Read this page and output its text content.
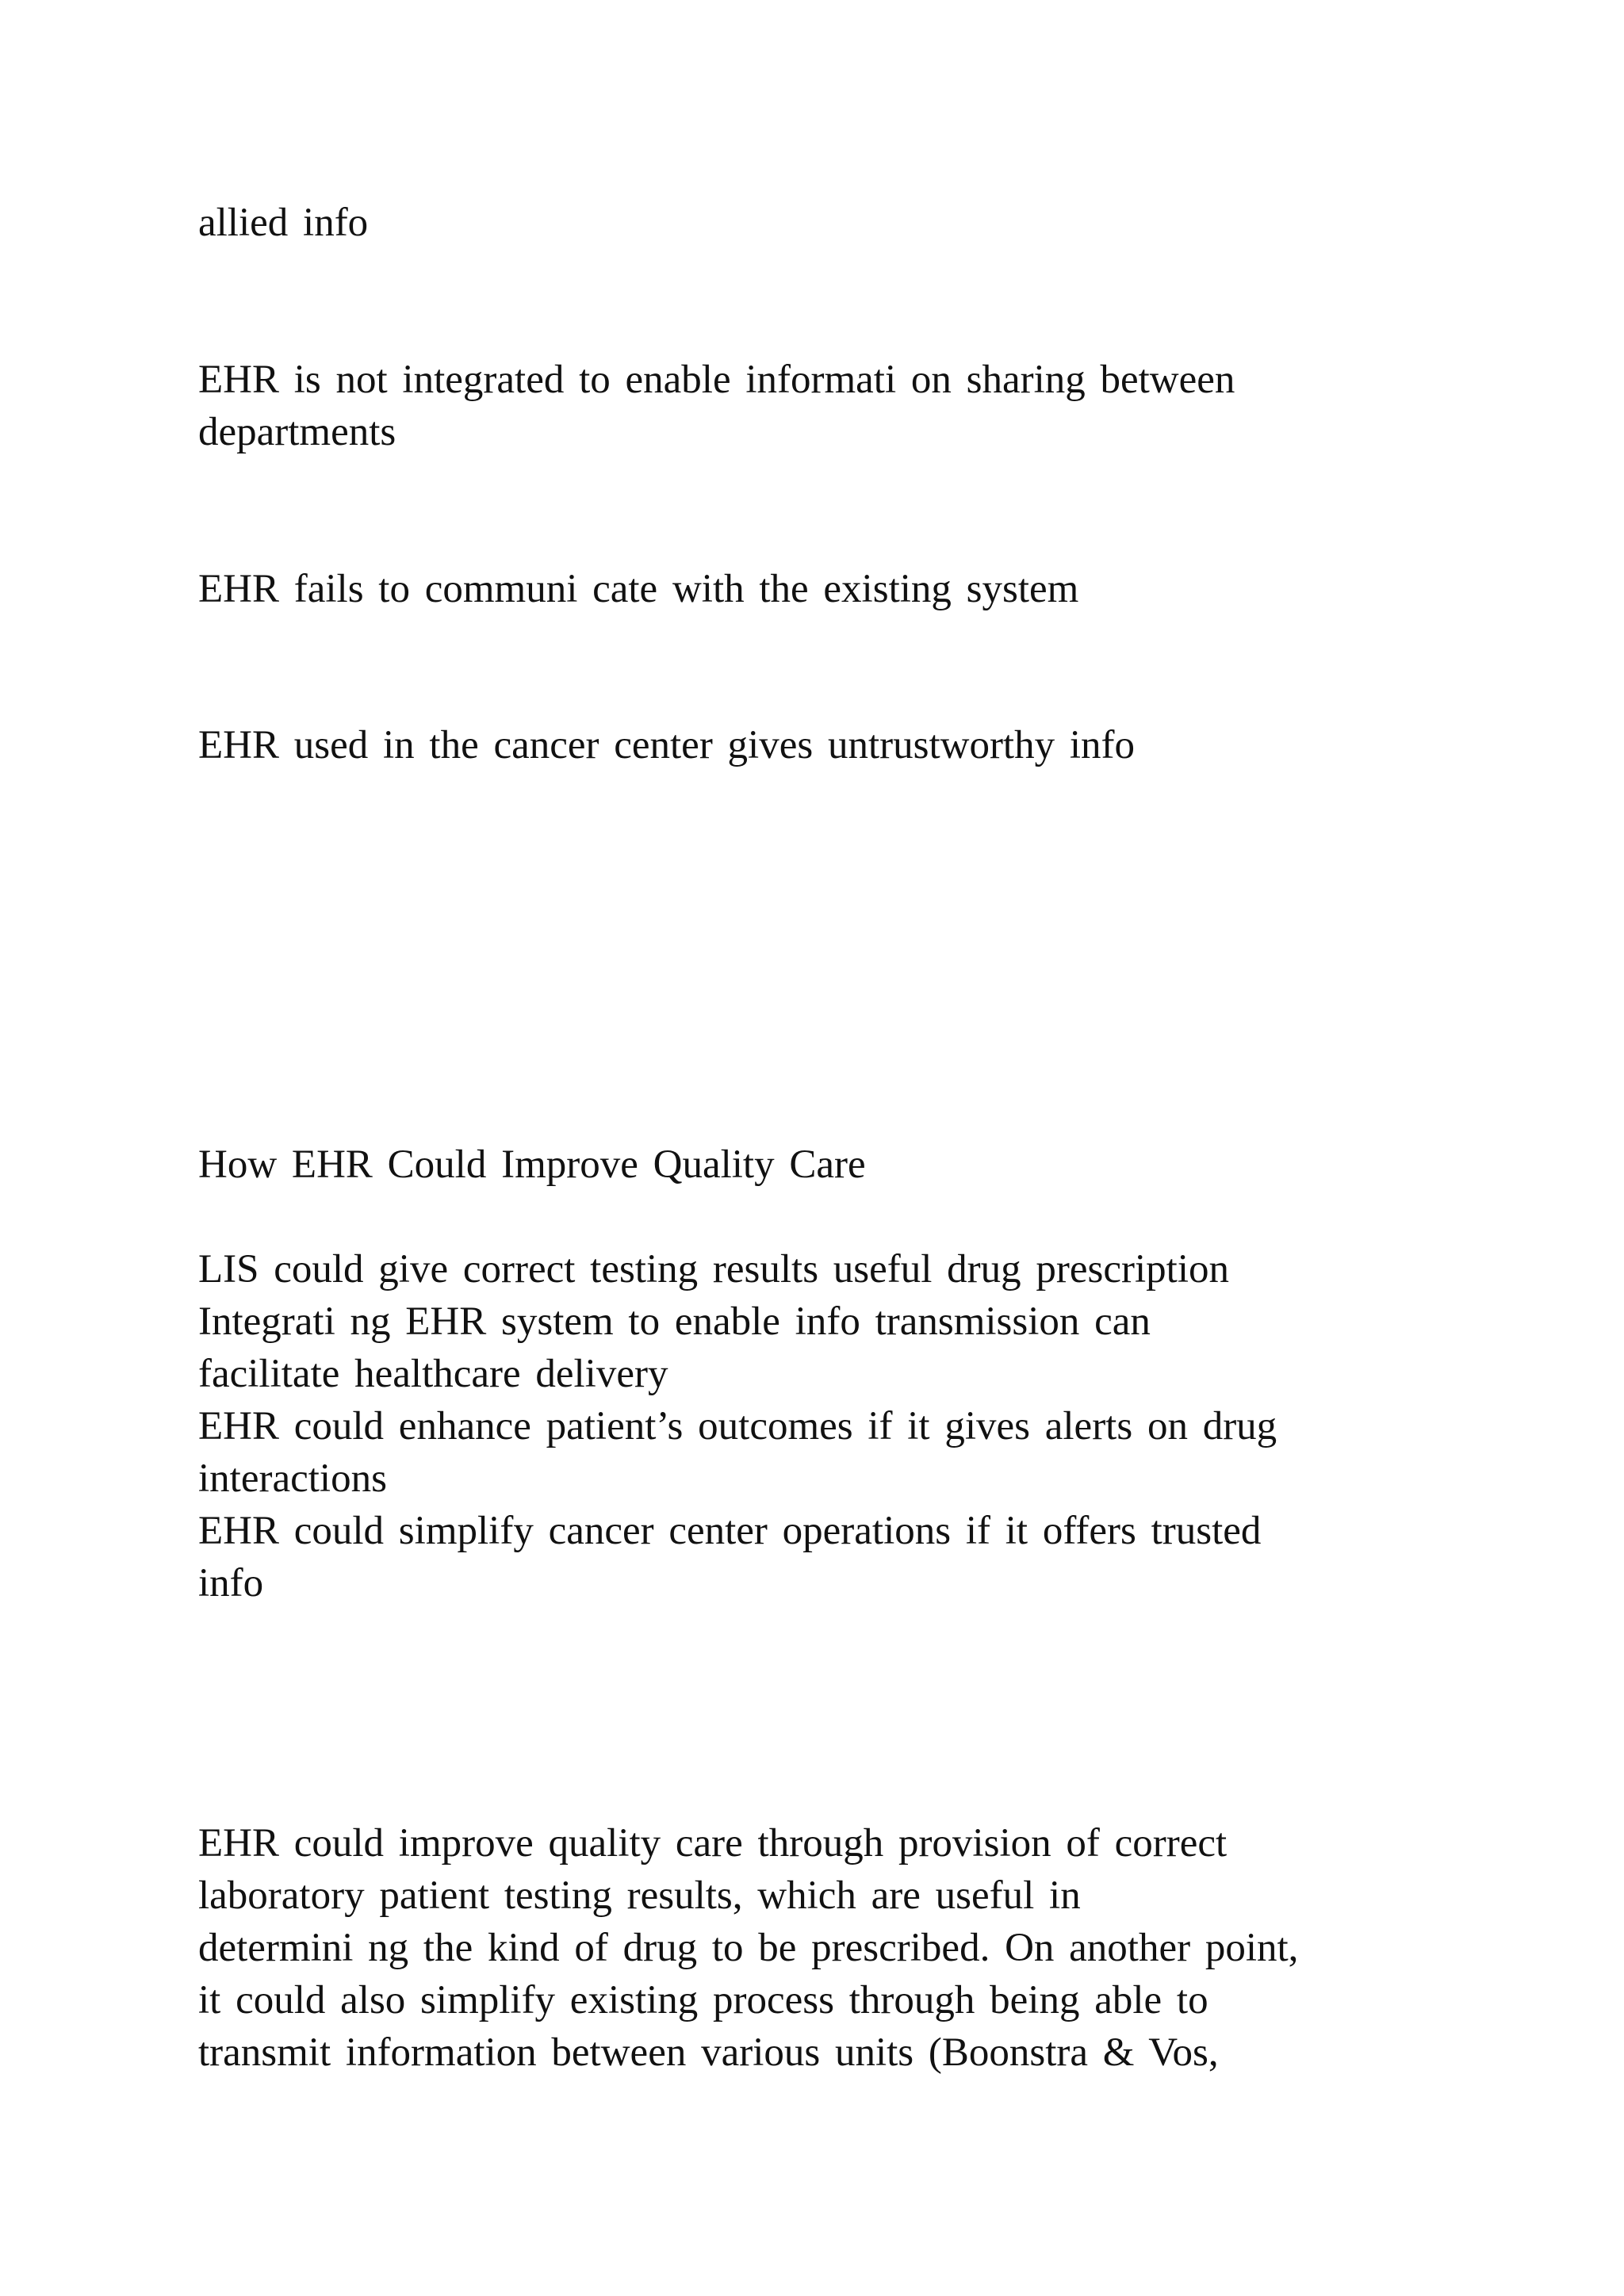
allied info
EHR is not integrated to enable informati on sharing between
departments
EHR fails to communi cate with the existing system
EHR used in the cancer center gives untrustworthy info
How EHR Could Improve Quality Care
LIS could give correct testing results useful drug prescription
Integrati ng EHR system to enable info transmission can
facilitate healthcare delivery
EHR could enhance patient’s outcomes if it gives alerts on drug
interactions
EHR could simplify cancer center operations if it offers trusted
info
EHR could improve quality care through provision of correct
laboratory patient testing results, which are useful in
determini ng the kind of drug to be prescribed. On another point,
it could also simplify existing process through being able to
transmit information between various units (Boonstra & Vos,
